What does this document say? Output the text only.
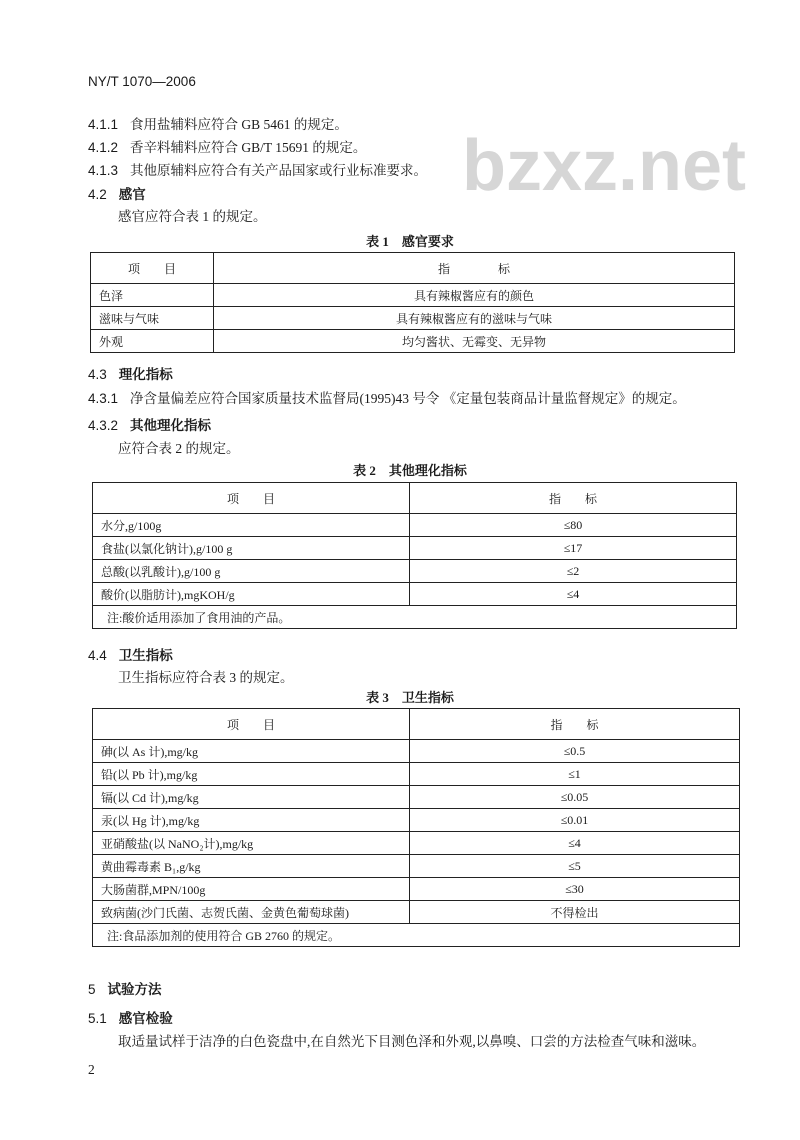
bzxz.net
NY/T 1070—2006
4.1.1 食用盐辅料应符合 GB 5461 的规定。
4.1.2 香辛料辅料应符合 GB/T 15691 的规定。
4.1.3 其他原辅料应符合有关产品国家或行业标准要求。
4.2 感官
感官应符合表 1 的规定。
表 1　感官要求
项　　目	指　　　　标
色泽	具有辣椒酱应有的颜色
滋味与气味	具有辣椒酱应有的滋味与气味
外观	均匀酱状、无霉变、无异物
4.3 理化指标
4.3.1 净含量偏差应符合国家质量技术监督局(1995)43 号令 《定量包装商品计量监督规定》的规定。
4.3.2 其他理化指标
应符合表 2 的规定。
表 2　其他理化指标
项　　目	指　　标
水分,g/100g	≤80
食盐(以氯化钠计),g/100 g	≤17
总酸(以乳酸计),g/100 g	≤2
酸价(以脂肪计),mgKOH/g	≤4
注:酸价适用添加了食用油的产品。	
4.4 卫生指标
卫生指标应符合表 3 的规定。
表 3　卫生指标
项　　目	指　　标
砷(以 As 计),mg/kg	≤0.5
铅(以 Pb 计),mg/kg	≤1
镉(以 Cd 计),mg/kg	≤0.05
汞(以 Hg 计),mg/kg	≤0.01
亚硝酸盐(以 NaNO₂计),mg/kg	≤4
黄曲霉毒素 B₁,g/kg	≤5
大肠菌群,MPN/100g	≤30
致病菌(沙门氏菌、志贺氏菌、金黄色葡萄球菌)	不得检出
注:食品添加剂的使用符合 GB 2760 的规定。	
5 试验方法
5.1 感官检验
取适量试样于洁净的白色瓷盘中,在自然光下目测色泽和外观,以鼻嗅、口尝的方法检查气味和滋味。
2
